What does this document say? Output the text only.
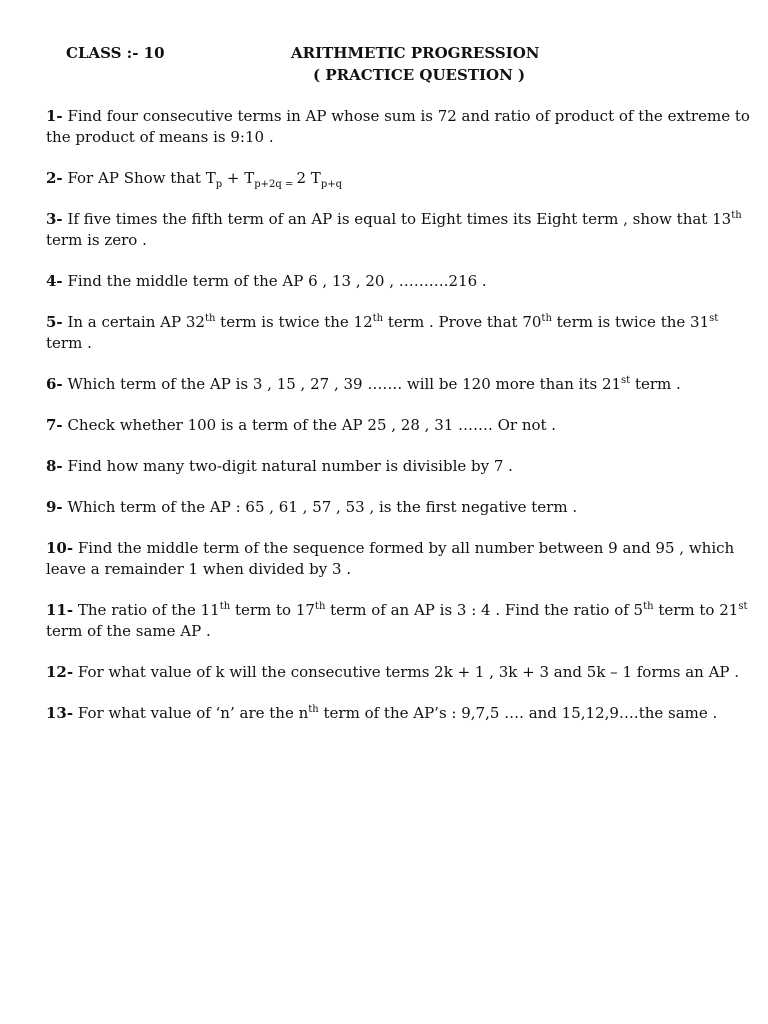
CLASS :- 10	ARITHMETIC PROGRESSION
( PRACTICE QUESTION )
1- Find four consecutive terms in AP whose sum is 72 and ratio of product of the extreme to the product of means is 9:10 .
2- For AP Show that $T_p + T_{p+2q =}$ 2 $T_{p+q}$
3- If five times the fifth term of an AP is equal to Eight times its Eight term , show that 13th term is zero .
4- Find the middle term of the AP 6 , 13 , 20 , ……….216 .
5- In a certain AP 32th term is twice the 12th term . Prove that 70th term is twice the 31st term .
6- Which term of the AP is 3 , 15 , 27 , 39 ……. will be 120 more than its 21st term .
7- Check whether 100 is a term of the AP 25 , 28 , 31 ……. Or not .
8- Find how many two-digit natural number is divisible by 7 .
9- Which term of the AP : 65 , 61 , 57 , 53 , is the first negative term .
10- Find the middle term of the sequence formed by all number between 9 and 95 , which leave a remainder 1 when divided by 3 .
11- The ratio of the 11th term to 17th term of an AP is 3 : 4 . Find the ratio of 5th term to 21st term of the same AP .
12- For what value of k will the consecutive terms 2k + 1 , 3k + 3 and 5k – 1 forms an AP .
13- For what value of ‘n’ are the $n^{th}$ term of the AP’s : 9,7,5 …. and 15,12,9….the same .
